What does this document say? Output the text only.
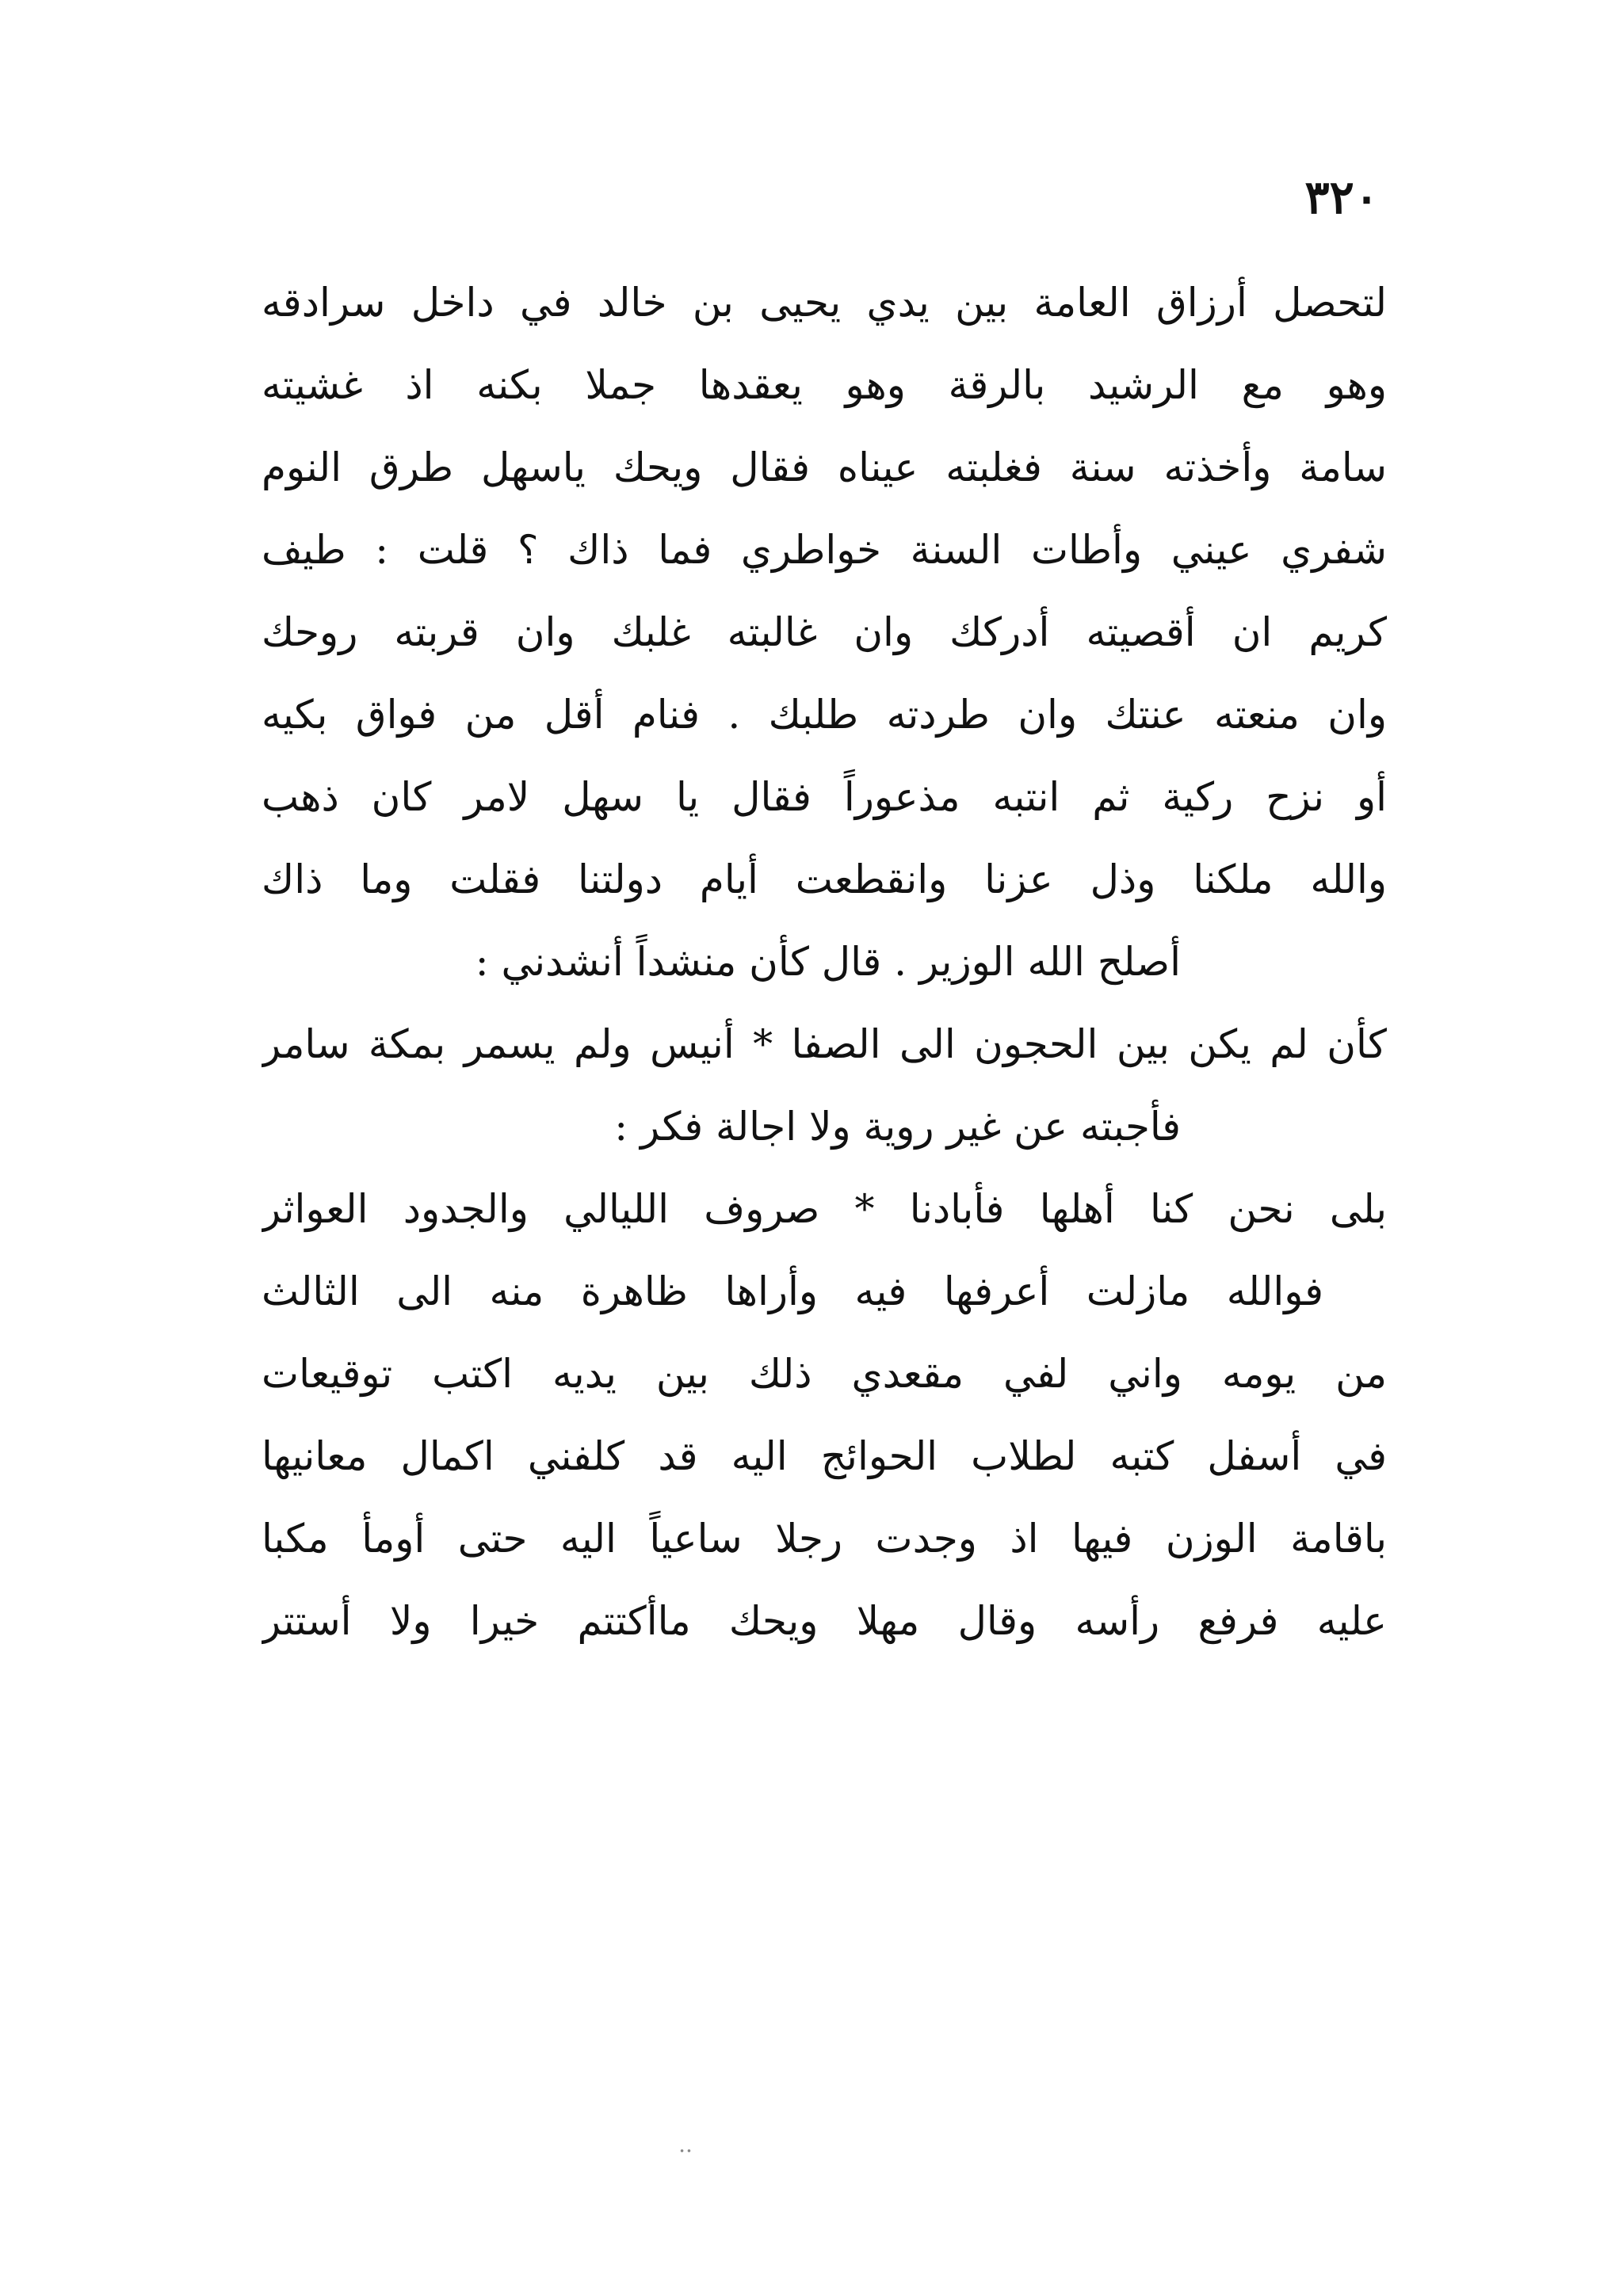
٣٢٠
لتحصل أرزاق العامة بين يدي يحيى بن خالد في داخل سرادقه
وهو مع الرشيد بالرقة وهو يعقدها جملا بكنه اذ غشيته
سامة وأخذته سنة فغلبته عيناه فقال ويحك ياسهل طرق النوم
شفري عيني وأطات السنة خواطري فما ذاك ؟ قلت : طيف
كريم ان أقصيته أدركك وان غالبته غلبك وان قربته روحك
وان منعته عنتك وان طردته طلبك . فنام أقل من فواق بكيه
أو نزح ركية ثم انتبه مذعوراً فقال يا سهل لامر كان ذهب
والله ملكنا وذل عزنا وانقطعت أيام دولتنا فقلت وما ذاك
أصلح الله الوزير . قال كأن منشداً أنشدني :
كأن لم يكن بين الحجون الى الصفا * أنيس ولم يسمر بمكة سامر
فأجبته عن غير روية ولا اجالة فكر :
بلى نحن كنا أهلها فأبادنا * صروف الليالي والجدود العواثر
فوالله مازلت أعرفها فيه وأراها ظاهرة منه الى الثالث
من يومه واني لفي مقعدي ذلك بين يديه اكتب توقيعات
في أسفل كتبه لطلاب الحوائج اليه قد كلفني اكمال معانيها
باقامة الوزن فيها اذ وجدت رجلا ساعياً اليه حتى أومأ مكبا
عليه فرفع رأسه وقال مهلا ويحك ماأكتتم خيرا ولا أستتر
..
